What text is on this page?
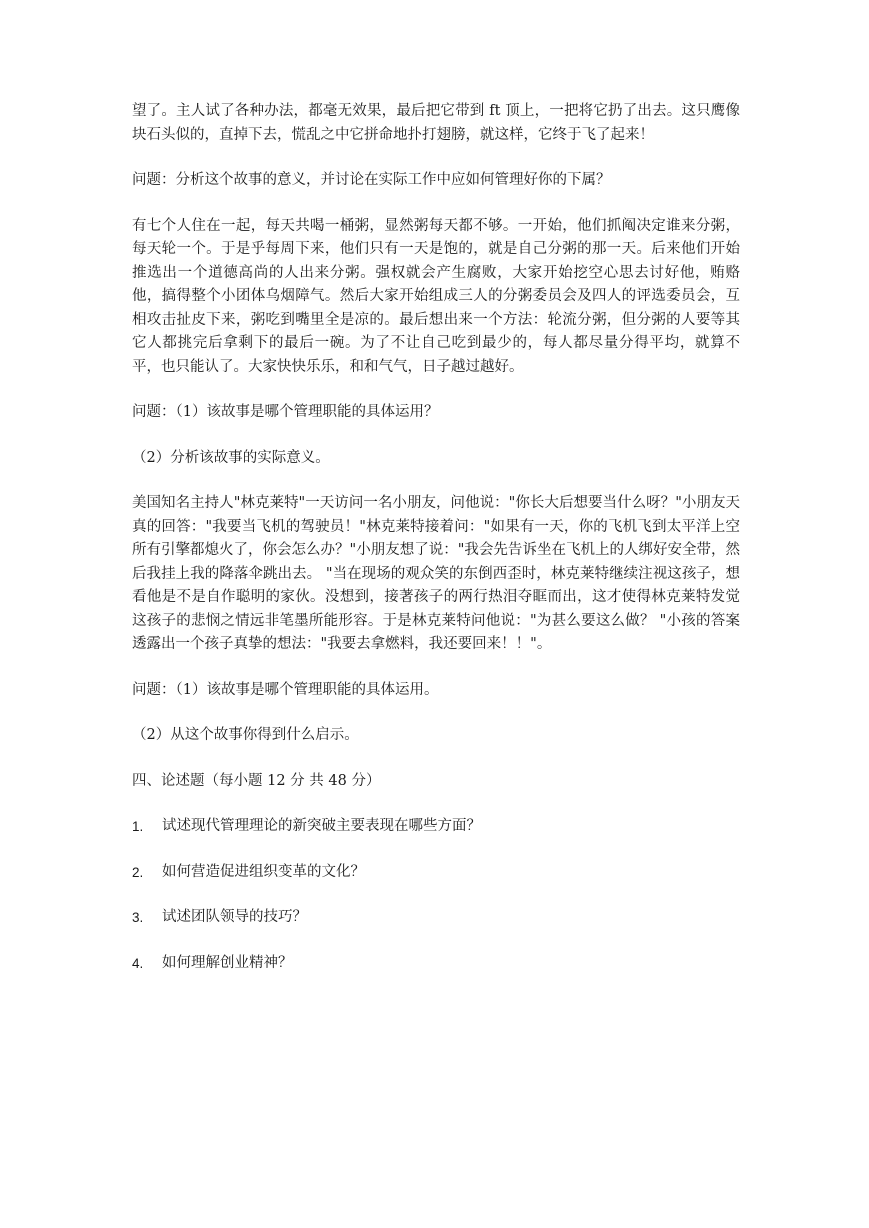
望了。主人试了各种办法，都毫无效果，最后把它带到 ft 顶上，一把将它扔了出去。这只鹰像块石头似的，直掉下去，慌乱之中它拼命地扑打翅膀，就这样，它终于飞了起来！

问题：分析这个故事的意义，并讨论在实际工作中应如何管理好你的下属？

有七个人住在一起，每天共喝一桶粥，显然粥每天都不够。一开始，他们抓阄决定谁来分粥，每天轮一个。于是乎每周下来，他们只有一天是饱的，就是自己分粥的那一天。后来他们开始推选出一个道德高尚的人出来分粥。强权就会产生腐败，大家开始挖空心思去讨好他，贿赂他，搞得整个小团体乌烟障气。然后大家开始组成三人的分粥委员会及四人的评选委员会，互相攻击扯皮下来，粥吃到嘴里全是凉的。最后想出来一个方法：轮流分粥，但分粥的人要等其它人都挑完后拿剩下的最后一碗。为了不让自己吃到最少的，每人都尽量分得平均，就算不平，也只能认了。大家快快乐乐，和和气气，日子越过越好。

问题：（1）该故事是哪个管理职能的具体运用？

（2）分析该故事的实际意义。

美国知名主持人"林克莱特"一天访问一名小朋友，问他说："你长大后想要当什么呀？"小朋友天真的回答："我要当飞机的驾驶员！"林克莱特接着问："如果有一天，你的飞机飞到太平洋上空所有引擎都熄火了，你会怎么办？"小朋友想了说："我会先告诉坐在飞机上的人绑好安全带，然后我挂上我的降落伞跳出去。 "当在现场的观众笑的东倒西歪时，林克莱特继续注视这孩子，想看他是不是自作聪明的家伙。没想到，接著孩子的两行热泪夺眶而出，这才使得林克莱特发觉这孩子的悲悯之情远非笔墨所能形容。于是林克莱特问他说："为甚么要这么做？ "小孩的答案透露出一个孩子真挚的想法："我要去拿燃料，我还要回来！！"。

问题：（1）该故事是哪个管理职能的具体运用。

（2）从这个故事你得到什么启示。

四、论述题（每小题 12 分 共 48 分）

1.	试述现代管理理论的新突破主要表现在哪些方面？
2.	如何营造促进组织变革的文化？
3.	试述团队领导的技巧？
4.	如何理解创业精神？
